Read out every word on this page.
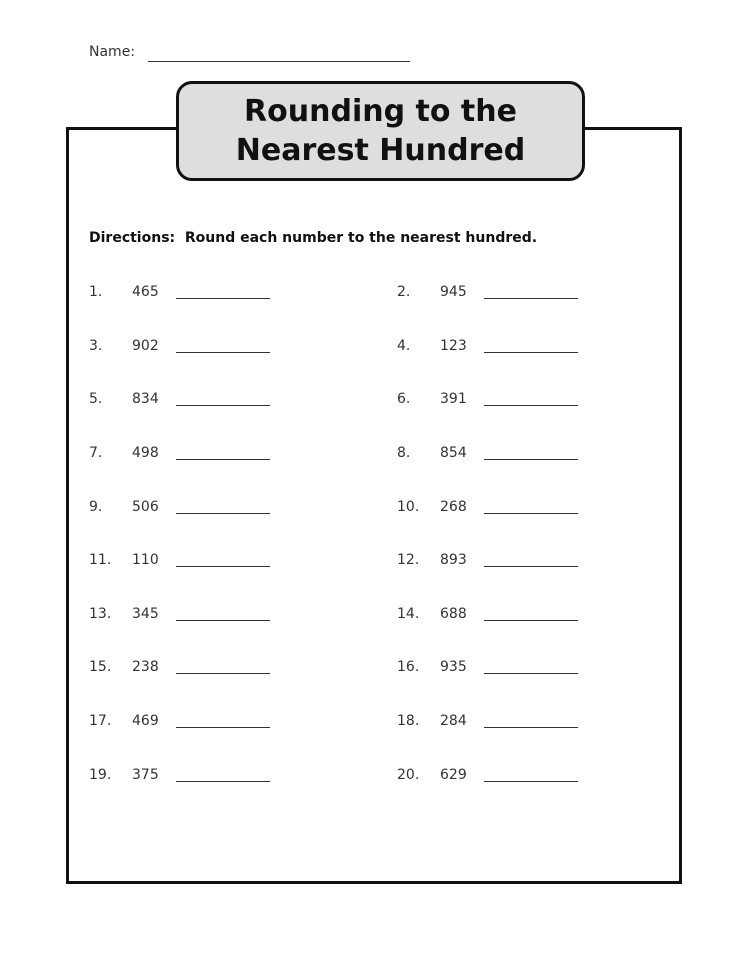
Name:
Rounding to the
Nearest Hundred
Directions:  Round each number to the nearest hundred.
1. 465	2. 945
3. 902	4. 123
5. 834	6. 391
7. 498	8. 854
9. 506	10. 268
11. 110	12. 893
13. 345	14. 688
15. 238	16. 935
17. 469	18. 284
19. 375	20. 629
